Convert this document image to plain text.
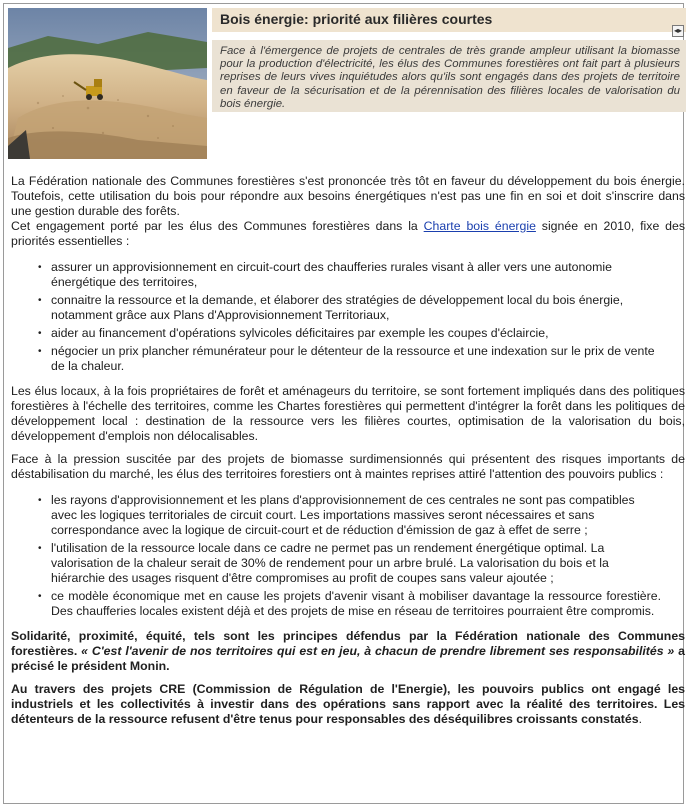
Bois énergie: priorité aux filières courtes
◂▸
Face à l'émergence de projets de centrales de très grande ampleur utilisant la biomasse pour la production d'électricité, les élus des Communes forestières ont fait part à plusieurs reprises de leurs vives inquiétudes alors qu'ils sont engagés dans des projets de territoire en faveur de la sécurisation et de la pérennisation des filières locales de valorisation du bois énergie.

La Fédération nationale des Communes forestières s'est prononcée très tôt en faveur du développement du bois énergie. Toutefois, cette utilisation du bois pour répondre aux besoins énergétiques n'est pas une fin en soi et doit s'inscrire dans une gestion durable des forêts.

Cet engagement porté par les élus des Communes forestières dans la Charte bois énergie signée en 2010, fixe des priorités essentielles :

• assurer un approvisionnement en circuit-court des chaufferies rurales visant à aller vers une autonomie énergétique des territoires,
• connaitre la ressource et la demande, et élaborer des stratégies de développement local du bois énergie, notamment grâce aux Plans d'Approvisionnement Territoriaux,
• aider au financement d'opérations sylvicoles déficitaires par exemple les coupes d'éclaircie,
• négocier un prix plancher rémunérateur pour le détenteur de la ressource et une indexation sur le prix de vente de la chaleur.

Les élus locaux, à la fois propriétaires de forêt et aménageurs du territoire, se sont fortement impliqués dans des politiques forestières à l'échelle des territoires, comme les Chartes forestières qui permettent d'intégrer la forêt dans les politiques de développement local : destination de la ressource vers les filières courtes, optimisation de la valorisation du bois, développement d'emplois non délocalisables.

Face à la pression suscitée par des projets de biomasse surdimensionnés qui présentent des risques importants de déstabilisation du marché, les élus des territoires forestiers ont à maintes reprises attiré l'attention des pouvoirs publics :

• les rayons d'approvisionnement et les plans d'approvisionnement de ces centrales ne sont pas compatibles avec les logiques territoriales de circuit court. Les importations massives seront nécessaires et sans correspondance avec la logique de circuit-court et de réduction d'émission de gaz à effet de serre ;
• l'utilisation de la ressource locale dans ce cadre ne permet pas un rendement énergétique optimal. La valorisation de la chaleur serait de 30% de rendement pour un arbre brulé. La valorisation du bois et la hiérarchie des usages risquent d'être compromises au profit de coupes sans valeur ajoutée ;
• ce modèle économique met en cause les projets d'avenir visant à mobiliser davantage la ressource forestière. Des chaufferies locales existent déjà et des projets de mise en réseau de territoires pourraient être compromis.

Solidarité, proximité, équité, tels sont les principes défendus par la Fédération nationale des Communes forestières. « C'est l'avenir de nos territoires qui est en jeu, à chacun de prendre librement ses responsabilités » a précisé le président Monin.

Au travers des projets CRE (Commission de Régulation de l'Energie), les pouvoirs publics ont engagé les industriels et les collectivités à investir dans des opérations sans rapport avec la réalité des territoires. Les détenteurs de la ressource refusent d'être tenus pour responsables des déséquilibres croissants constatés.
